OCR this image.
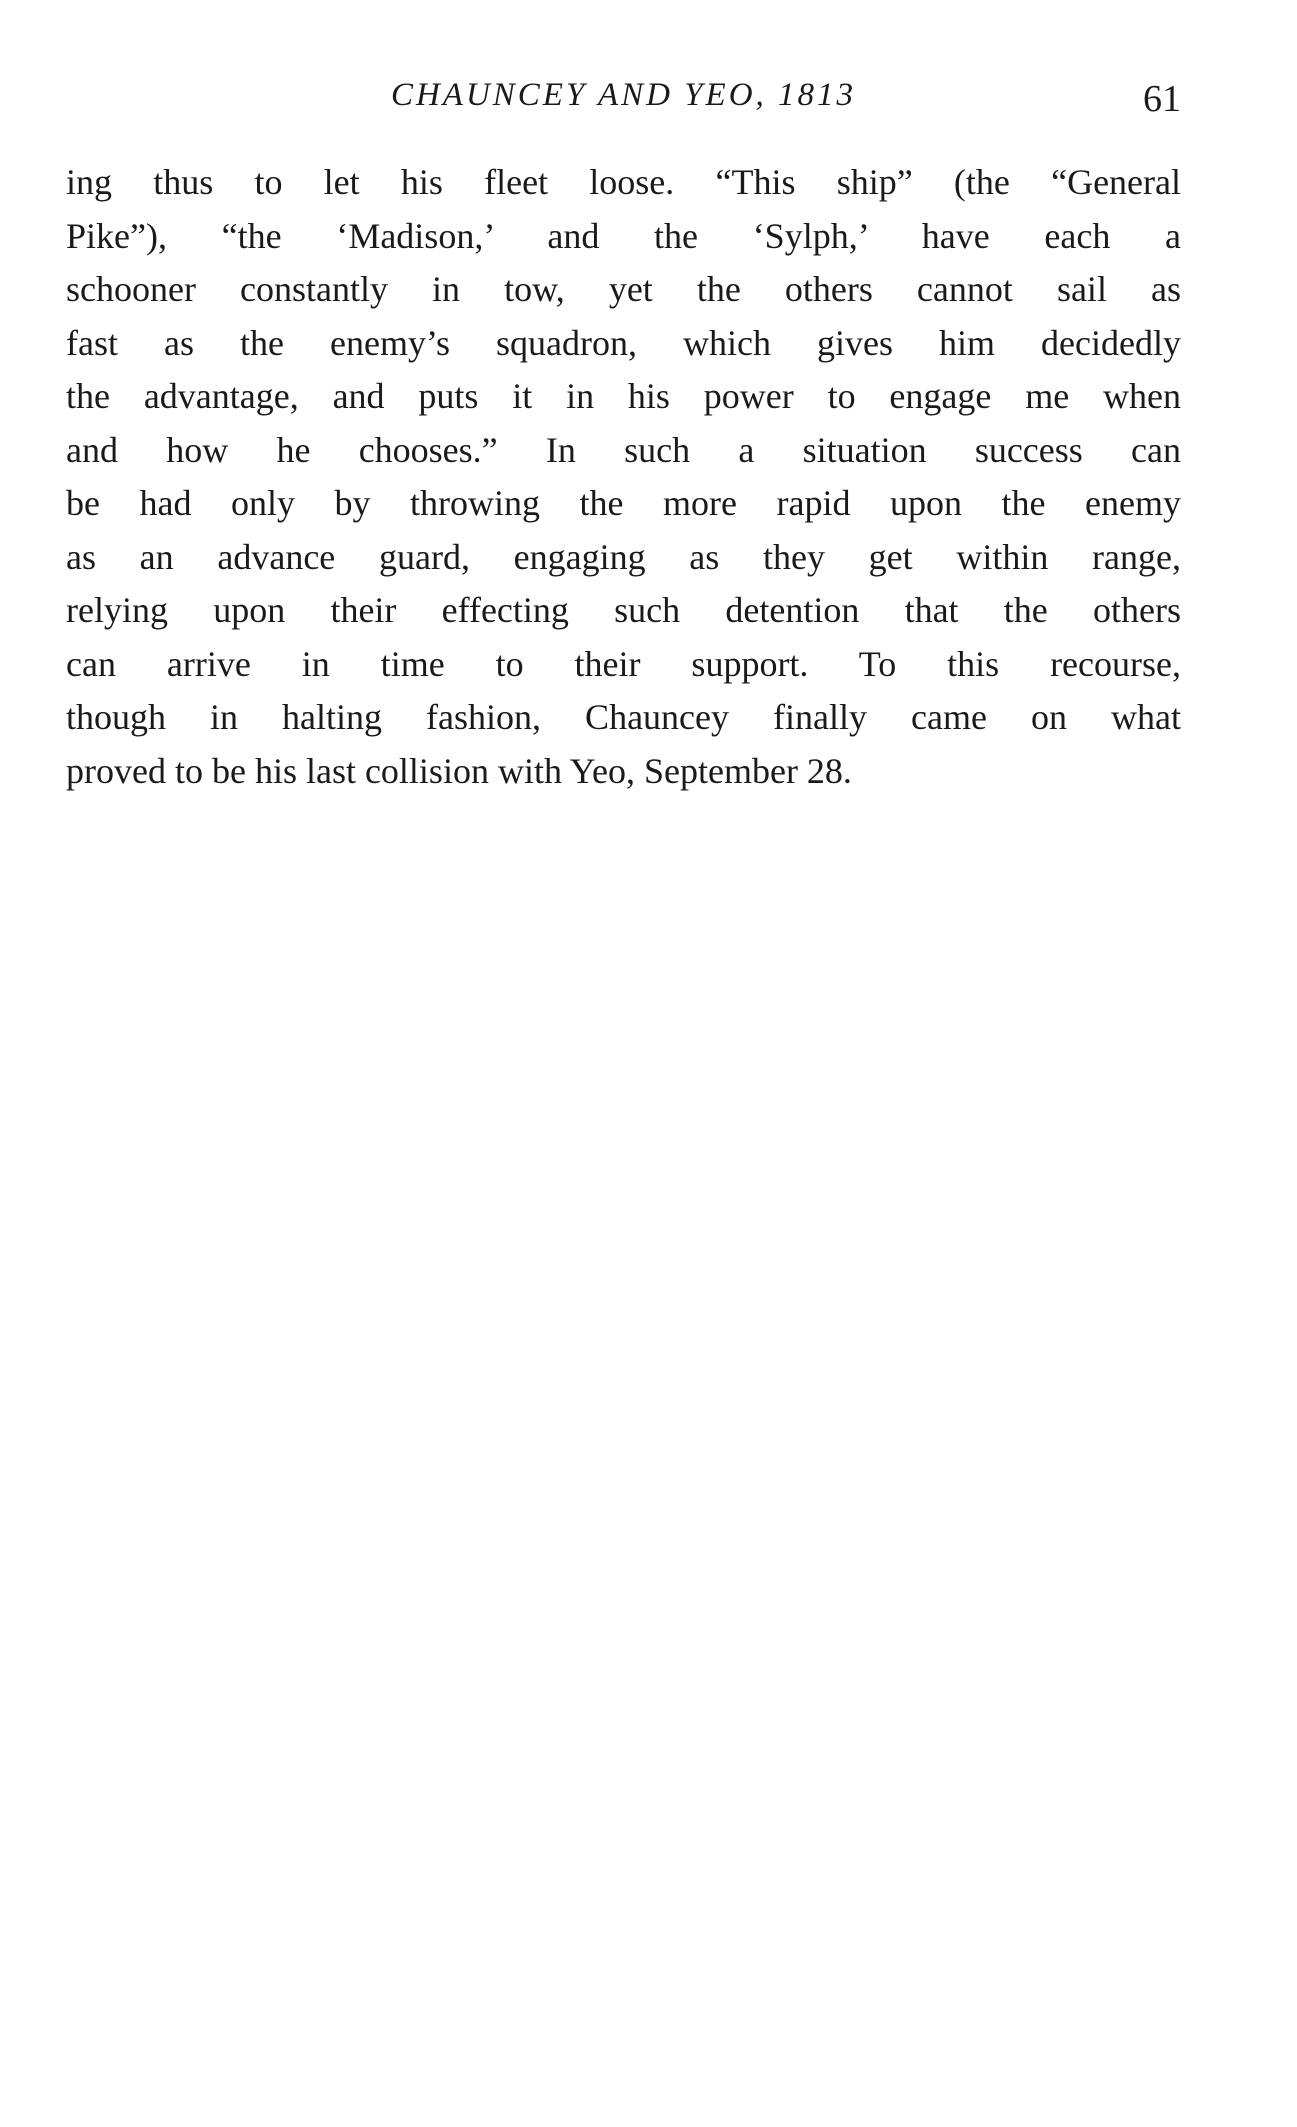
CHAUNCEY AND YEO, 1813	61
ing thus to let his fleet loose. “This ship” (the “General
Pike”), “the ‘Madison,’ and the ‘Sylph,’ have each a
schooner constantly in tow, yet the others cannot sail as
fast as the enemy’s squadron, which gives him decidedly
the advantage, and puts it in his power to engage me when
and how he chooses.” In such a situation success can
be had only by throwing the more rapid upon the enemy
as an advance guard, engaging as they get within range,
relying upon their effecting such detention that the others
can arrive in time to their support. To this recourse,
though in halting fashion, Chauncey finally came on what
proved to be his last collision with Yeo, September 28.
